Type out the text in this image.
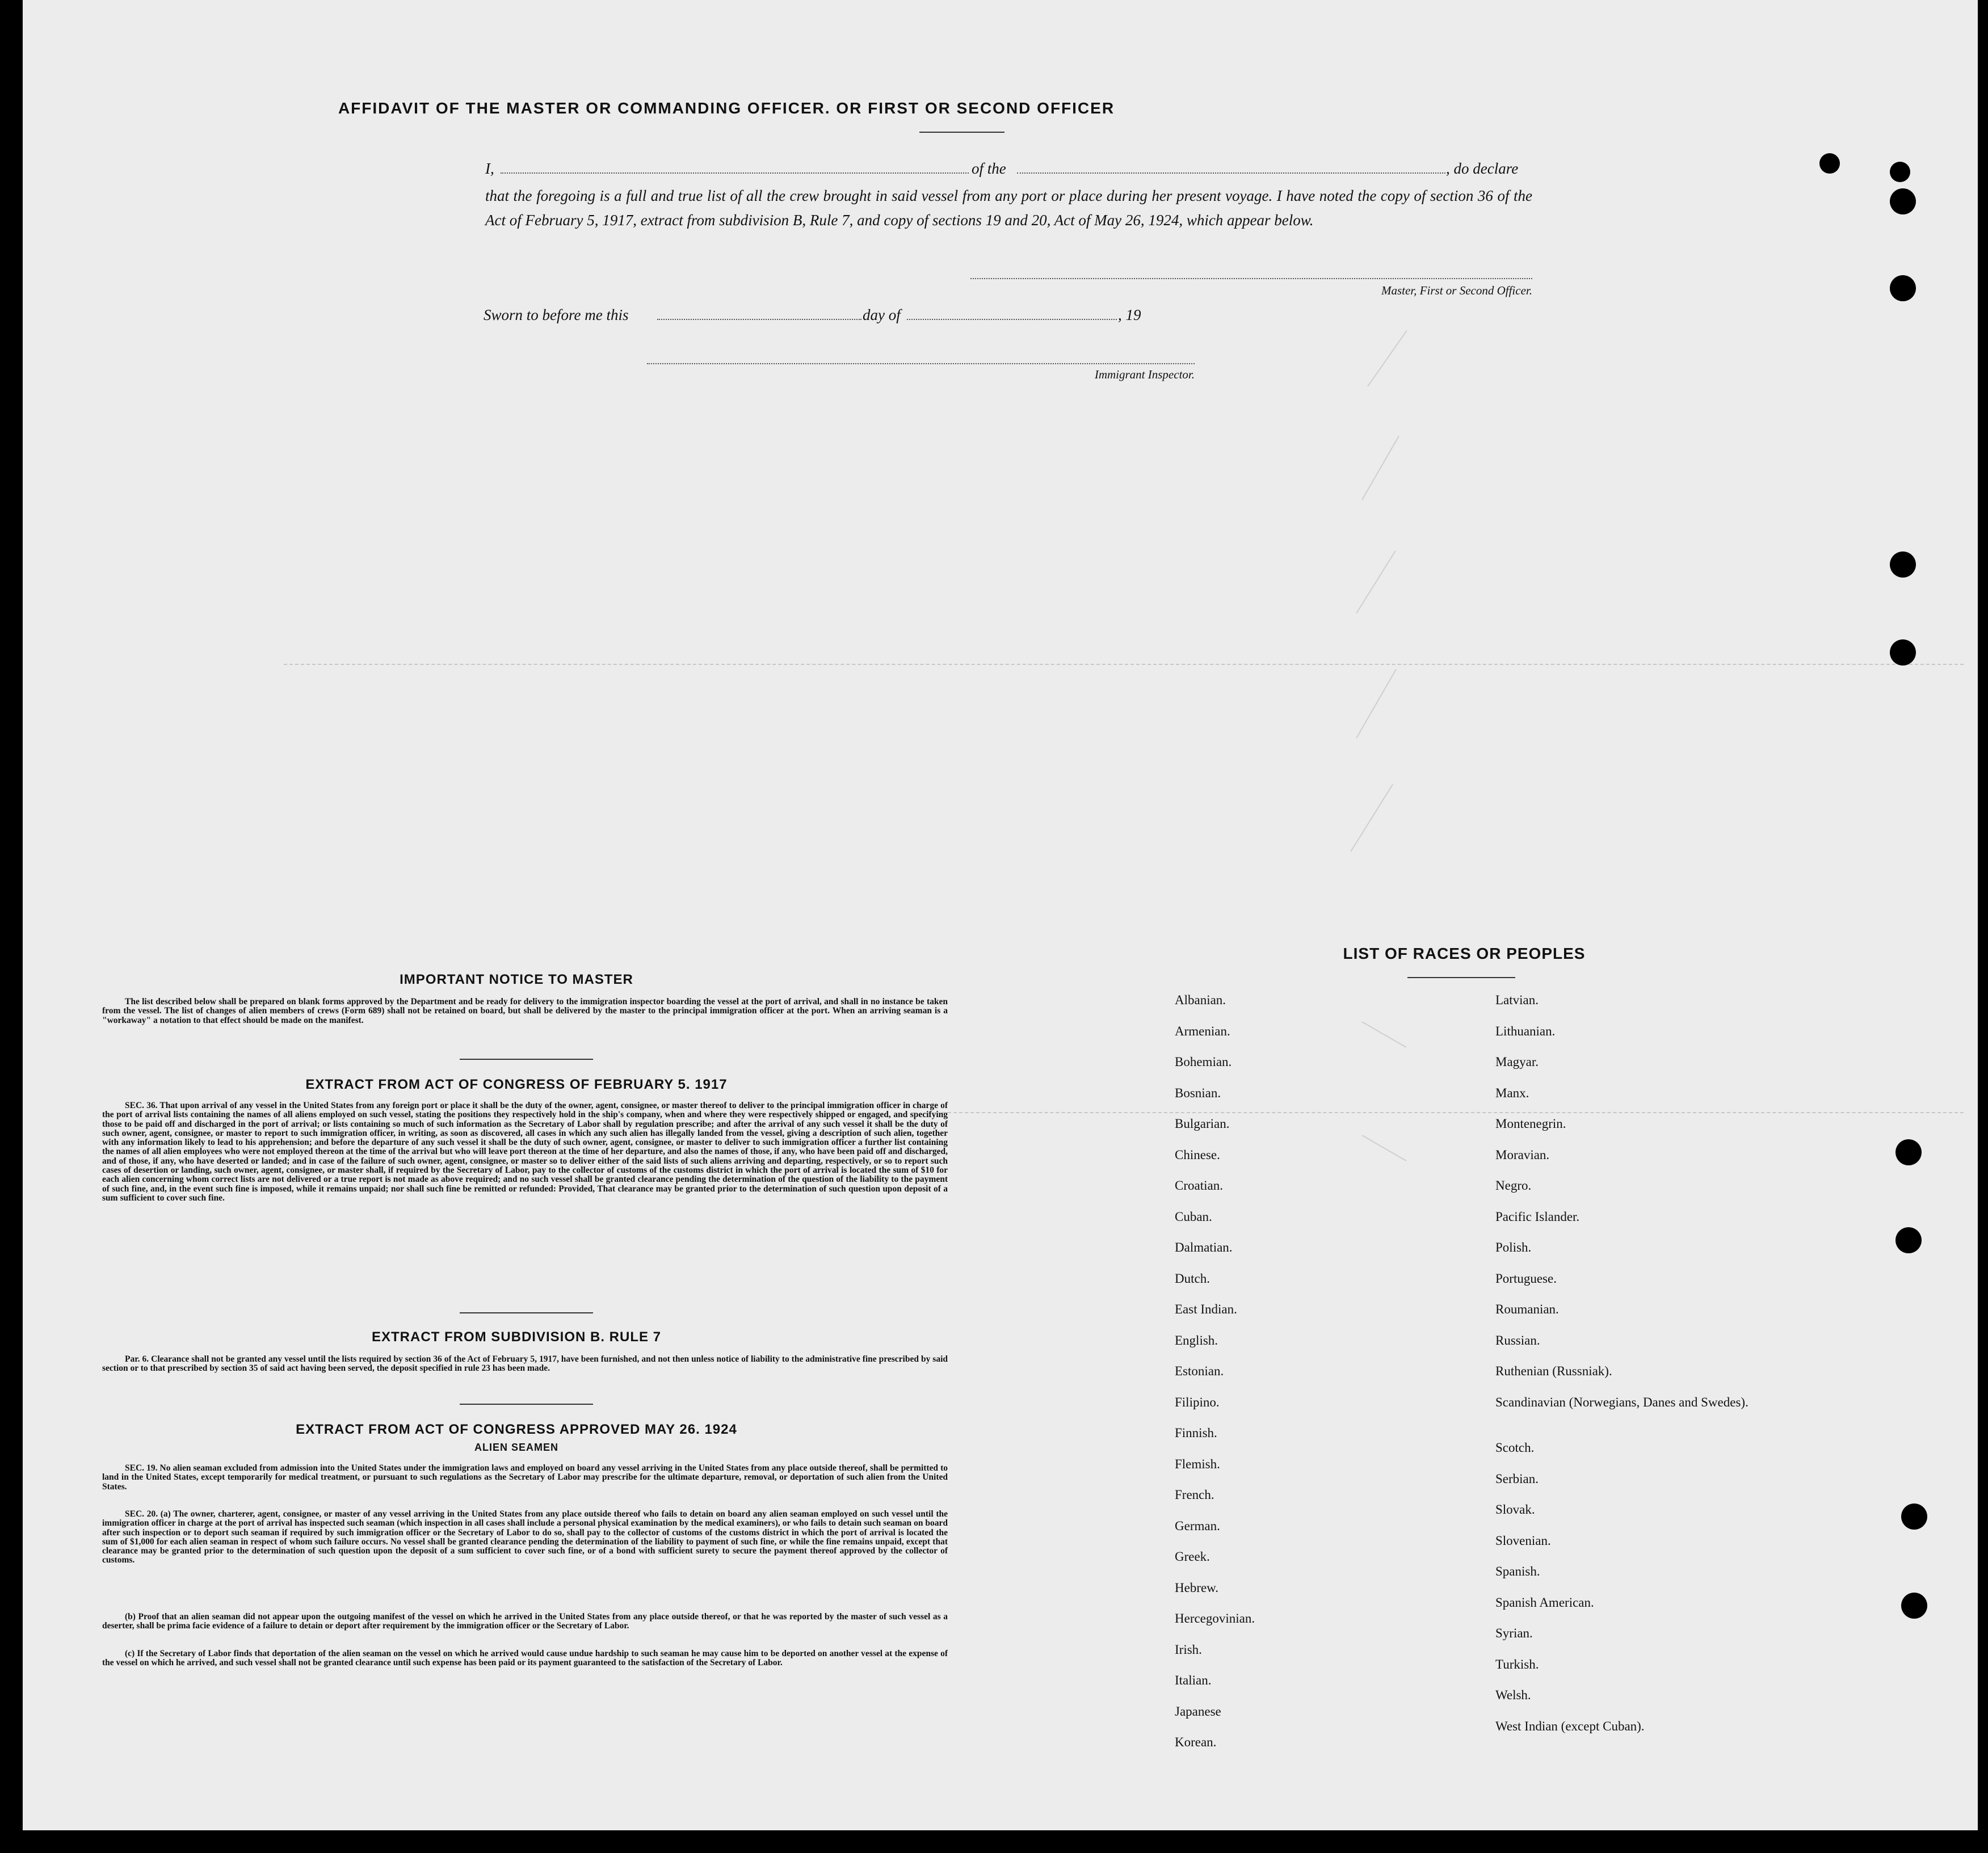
AFFIDAVIT OF THE MASTER OR COMMANDING OFFICER. OR FIRST OR SECOND OFFICER
I,	of the	, do declare
that the foregoing is a full and true list of all the crew brought in said vessel from any port or place during her present voyage. I have noted the copy of section 36 of the Act of February 5, 1917, extract from subdivision B, Rule 7, and copy of sections 19 and 20, Act of May 26, 1924, which appear below.
Master, First or Second Officer.
Sworn to before me this	day of	, 19
Immigrant Inspector.
IMPORTANT NOTICE TO MASTER
The list described below shall be prepared on blank forms approved by the Department and be ready for delivery to the immigration inspector boarding the vessel at the port of arrival, and shall in no instance be taken from the vessel. The list of changes of alien members of crews (Form 689) shall not be retained on board, but shall be delivered by the master to the principal immigration officer at the port. When an arriving seaman is a "workaway" a notation to that effect should be made on the manifest.
EXTRACT FROM ACT OF CONGRESS OF FEBRUARY 5. 1917
SEC. 36. That upon arrival of any vessel in the United States from any foreign port or place it shall be the duty of the owner, agent, consignee, or master thereof to deliver to the principal immigration officer in charge of the port of arrival lists containing the names of all aliens employed on such vessel, stating the positions they respectively hold in the ship's company, when and where they were respectively shipped or engaged, and specifying those to be paid off and discharged in the port of arrival; or lists containing so much of such information as the Secretary of Labor shall by regulation prescribe; and after the arrival of any such vessel it shall be the duty of such owner, agent, consignee, or master to report to such immigration officer, in writing, as soon as discovered, all cases in which any such alien has illegally landed from the vessel, giving a description of such alien, together with any information likely to lead to his apprehension; and before the departure of any such vessel it shall be the duty of such owner, agent, consignee, or master to deliver to such immigration officer a further list containing the names of all alien employees who were not employed thereon at the time of the arrival but who will leave port thereon at the time of her departure, and also the names of those, if any, who have been paid off and discharged, and of those, if any, who have deserted or landed; and in case of the failure of such owner, agent, consignee, or master so to deliver either of the said lists of such aliens arriving and departing, respectively, or so to report such cases of desertion or landing, such owner, agent, consignee, or master shall, if required by the Secretary of Labor, pay to the collector of customs of the customs district in which the port of arrival is located the sum of $10 for each alien concerning whom correct lists are not delivered or a true report is not made as above required; and no such vessel shall be granted clearance pending the determination of the question of the liability to the payment of such fine, and, in the event such fine is imposed, while it remains unpaid; nor shall such fine be remitted or refunded: Provided, That clearance may be granted prior to the determination of such question upon deposit of a sum sufficient to cover such fine.
EXTRACT FROM SUBDIVISION B. RULE 7
Par. 6. Clearance shall not be granted any vessel until the lists required by section 36 of the Act of February 5, 1917, have been furnished, and not then unless notice of liability to the administrative fine prescribed by said section or to that prescribed by section 35 of said act having been served, the deposit specified in rule 23 has been made.
EXTRACT FROM ACT OF CONGRESS APPROVED MAY 26. 1924
ALIEN SEAMEN
SEC. 19. No alien seaman excluded from admission into the United States under the immigration laws and employed on board any vessel arriving in the United States from any place outside thereof, shall be permitted to land in the United States, except temporarily for medical treatment, or pursuant to such regulations as the Secretary of Labor may prescribe for the ultimate departure, removal, or deportation of such alien from the United States.
SEC. 20. (a) The owner, charterer, agent, consignee, or master of any vessel arriving in the United States from any place outside thereof who fails to detain on board any alien seaman employed on such vessel until the immigration officer in charge at the port of arrival has inspected such seaman (which inspection in all cases shall include a personal physical examination by the medical examiners), or who fails to detain such seaman on board after such inspection or to deport such seaman if required by such immigration officer or the Secretary of Labor to do so, shall pay to the collector of customs of the customs district in which the port of arrival is located the sum of $1,000 for each alien seaman in respect of whom such failure occurs. No vessel shall be granted clearance pending the determination of the liability to payment of such fine, or while the fine remains unpaid, except that clearance may be granted prior to the determination of such question upon the deposit of a sum sufficient to cover such fine, or of a bond with sufficient surety to secure the payment thereof approved by the collector of customs.
(b) Proof that an alien seaman did not appear upon the outgoing manifest of the vessel on which he arrived in the United States from any place outside thereof, or that he was reported by the master of such vessel as a deserter, shall be prima facie evidence of a failure to detain or deport after requirement by the immigration officer or the Secretary of Labor.
(c) If the Secretary of Labor finds that deportation of the alien seaman on the vessel on which he arrived would cause undue hardship to such seaman he may cause him to be deported on another vessel at the expense of the vessel on which he arrived, and such vessel shall not be granted clearance until such expense has been paid or its payment guaranteed to the satisfaction of the Secretary of Labor.
LIST OF RACES OR PEOPLES
Albanian.
Armenian.
Bohemian.
Bosnian.
Bulgarian.
Chinese.
Croatian.
Cuban.
Dalmatian.
Dutch.
East Indian.
English.
Estonian.
Filipino.
Finnish.
Flemish.
French.
German.
Greek.
Hebrew.
Hercegovinian.
Irish.
Italian.
Japanese
Korean.
Latvian.
Lithuanian.
Magyar.
Manx.
Montenegrin.
Moravian.
Negro.
Pacific Islander.
Polish.
Portuguese.
Roumanian.
Russian.
Ruthenian (Russniak).
Scandinavian (Norwegians, Danes and Swedes).
Scotch.
Serbian.
Slovak.
Slovenian.
Spanish.
Spanish American.
Syrian.
Turkish.
Welsh.
West Indian (except Cuban).
